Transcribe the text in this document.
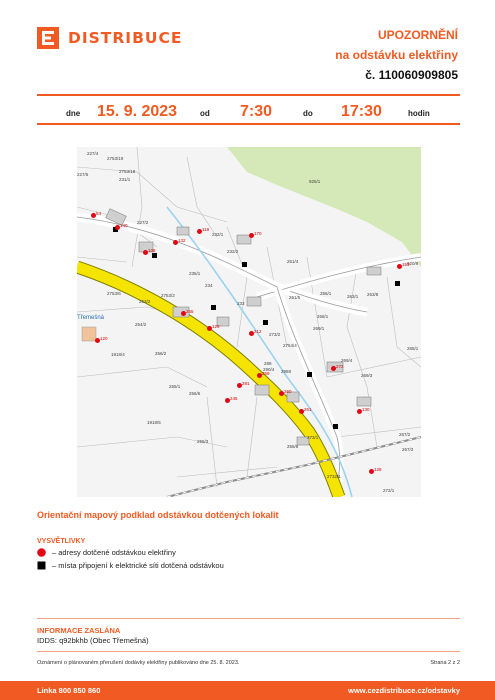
DISTRIBUCE	UPOZORNĚNÍ
na odstávku elektřiny
č. 110060909805
dne 15. 9. 2023	od 7:30	do 17:30	hodin
Třemešná
227/4
2753/19
227/5
2753/18
231/1
227/2
232/1
232/2
925/1
234
235/1
253/2
261/4
261/5
233
2753/2
254/2
256/2
255/1
1918/4
1918/5
255/3
256/6
256/8
273/1
266/1
269/1
273/2
268/1
269/4
269/3
265/1
267/2
267/3
2753/6
2754/4
272/1
2732/1
263/1 263/8
920/9
288
290/4 2988
54
140
108
132
118
170
255
120
281
245
259
260
261
212
272
130
128
153
129
Orientační mapový podklad odstávkou dotčených lokalit
VYSVĚTLIVKY
– adresy dotčené odstávkou elektřiny
– místa připojení k elektrické síti dotčená odstávkou
INFORMACE ZASLÁNA
IDDS: q92bkhb (Obec Třemešná)
Oznámení o plánovaném přerušení dodávky elektřiny publikováno dne 25. 8. 2023.	Strana 2 z 2
Linka 800 850 860	www.cezdistribuce.cz/odstavky
